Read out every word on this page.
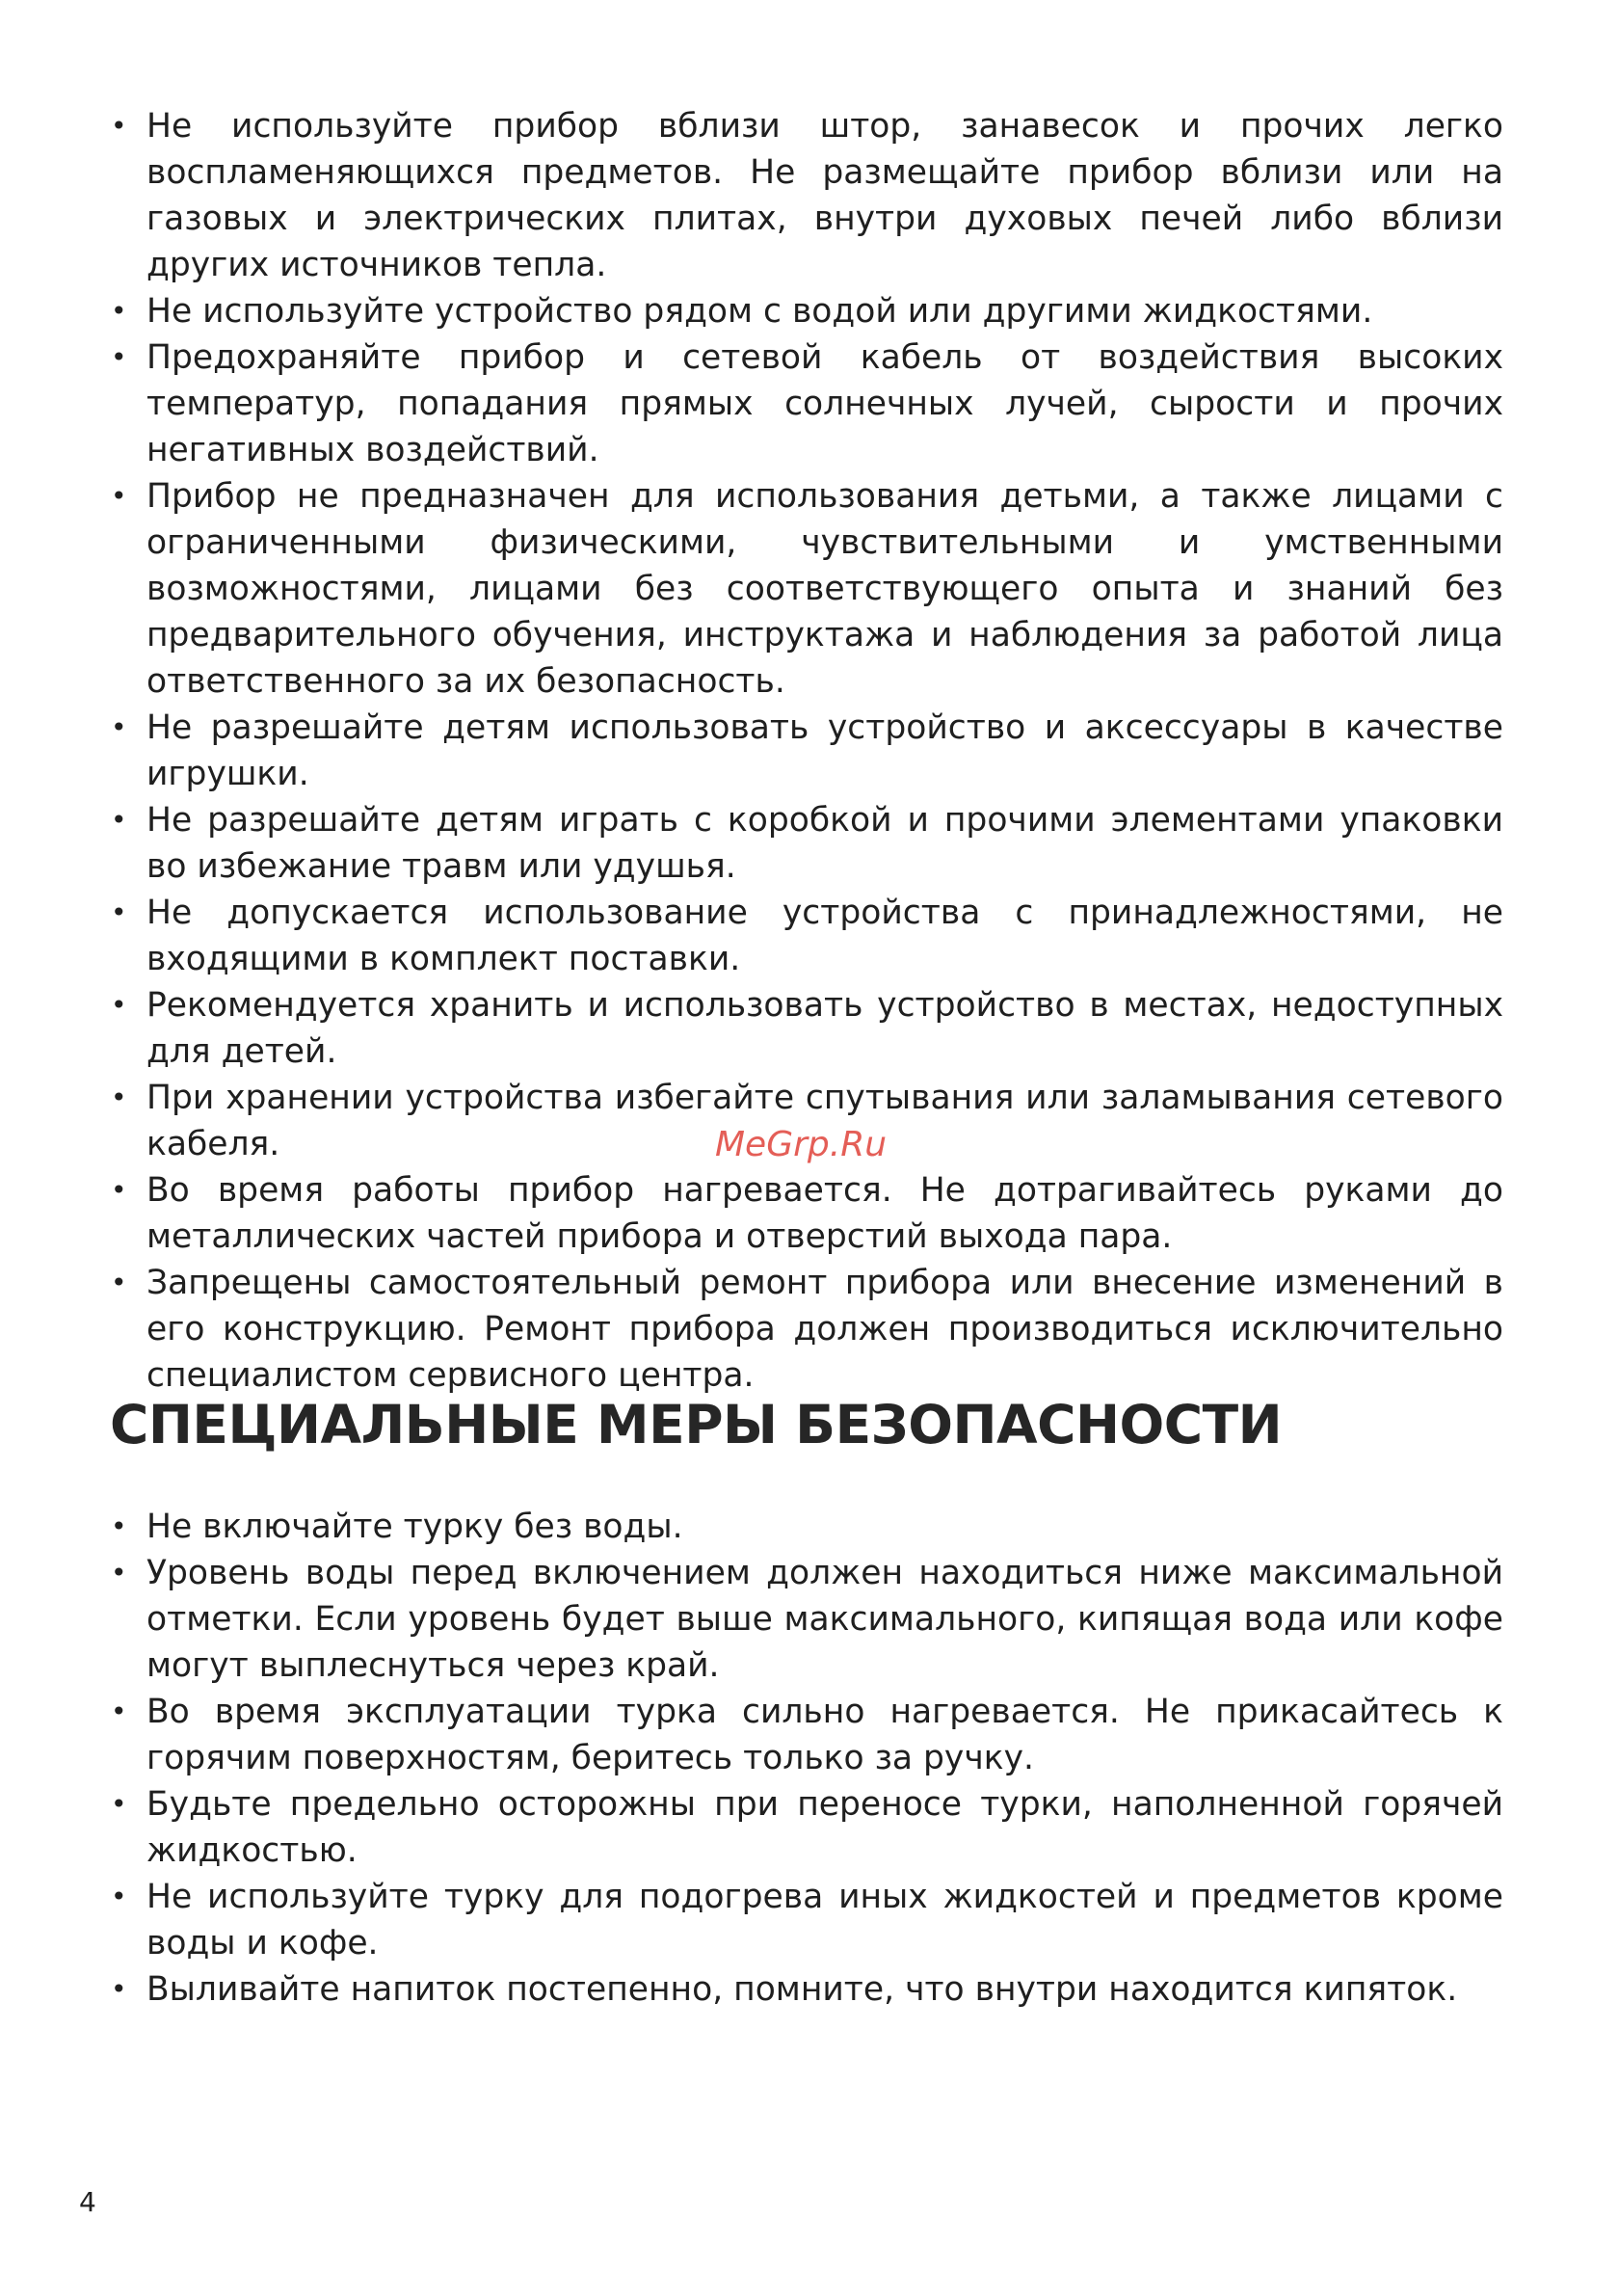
• Не используйте прибор вблизи штор, занавесок и прочих легко воспламеняющихся предметов. Не размещайте прибор вблизи или на газовых и электрических плитах, внутри духовых печей либо вблизи других источников тепла.
• Не используйте устройство рядом с водой или другими жидкостями.
• Предохраняйте прибор и сетевой кабель от воздействия высоких температур, попадания прямых солнечных лучей, сырости и прочих негативных воздействий.
• Прибор не предназначен для использования детьми, а также лицами с ограниченными физическими, чувствительными и умственными возможностями, лицами без соответствующего опыта и знаний без предварительного обучения, инструктажа и наблюдения за работой лица ответственного за их безопасность.
• Не разрешайте детям использовать устройство и аксессуары в качестве игрушки.
• Не разрешайте детям играть с коробкой и прочими элементами упаковки во избежание травм или удушья.
• Не допускается использование устройства с принадлежностями, не входящими в комплект поставки.
• Рекомендуется хранить и использовать устройство в местах, недоступных для детей.
• При хранении устройства избегайте спутывания или заламывания сетевого кабеля.
• Во время работы прибор нагревается. Не дотрагивайтесь руками до металлических частей прибора и отверстий выхода пара.
• Запрещены самостоятельный ремонт прибора или внесение изменений в его конструкцию. Ремонт прибора должен производиться исключительно специалистом сервисного центра.
MeGrp.Ru
СПЕЦИАЛЬНЫЕ МЕРЫ БЕЗОПАСНОСТИ
• Не включайте турку без воды.
• Уровень воды перед включением должен находиться ниже максимальной отметки. Если уровень будет выше максимального, кипящая вода или кофе могут выплеснуться через край.
• Во время эксплуатации турка сильно нагревается. Не прикасайтесь к горячим поверхностям, беритесь только за ручку.
• Будьте предельно осторожны при переносе турки, наполненной горячей жидкостью.
• Не используйте турку для подогрева иных жидкостей и предметов кроме воды и кофе.
• Выливайте напиток постепенно, помните, что внутри находится кипяток.
4
